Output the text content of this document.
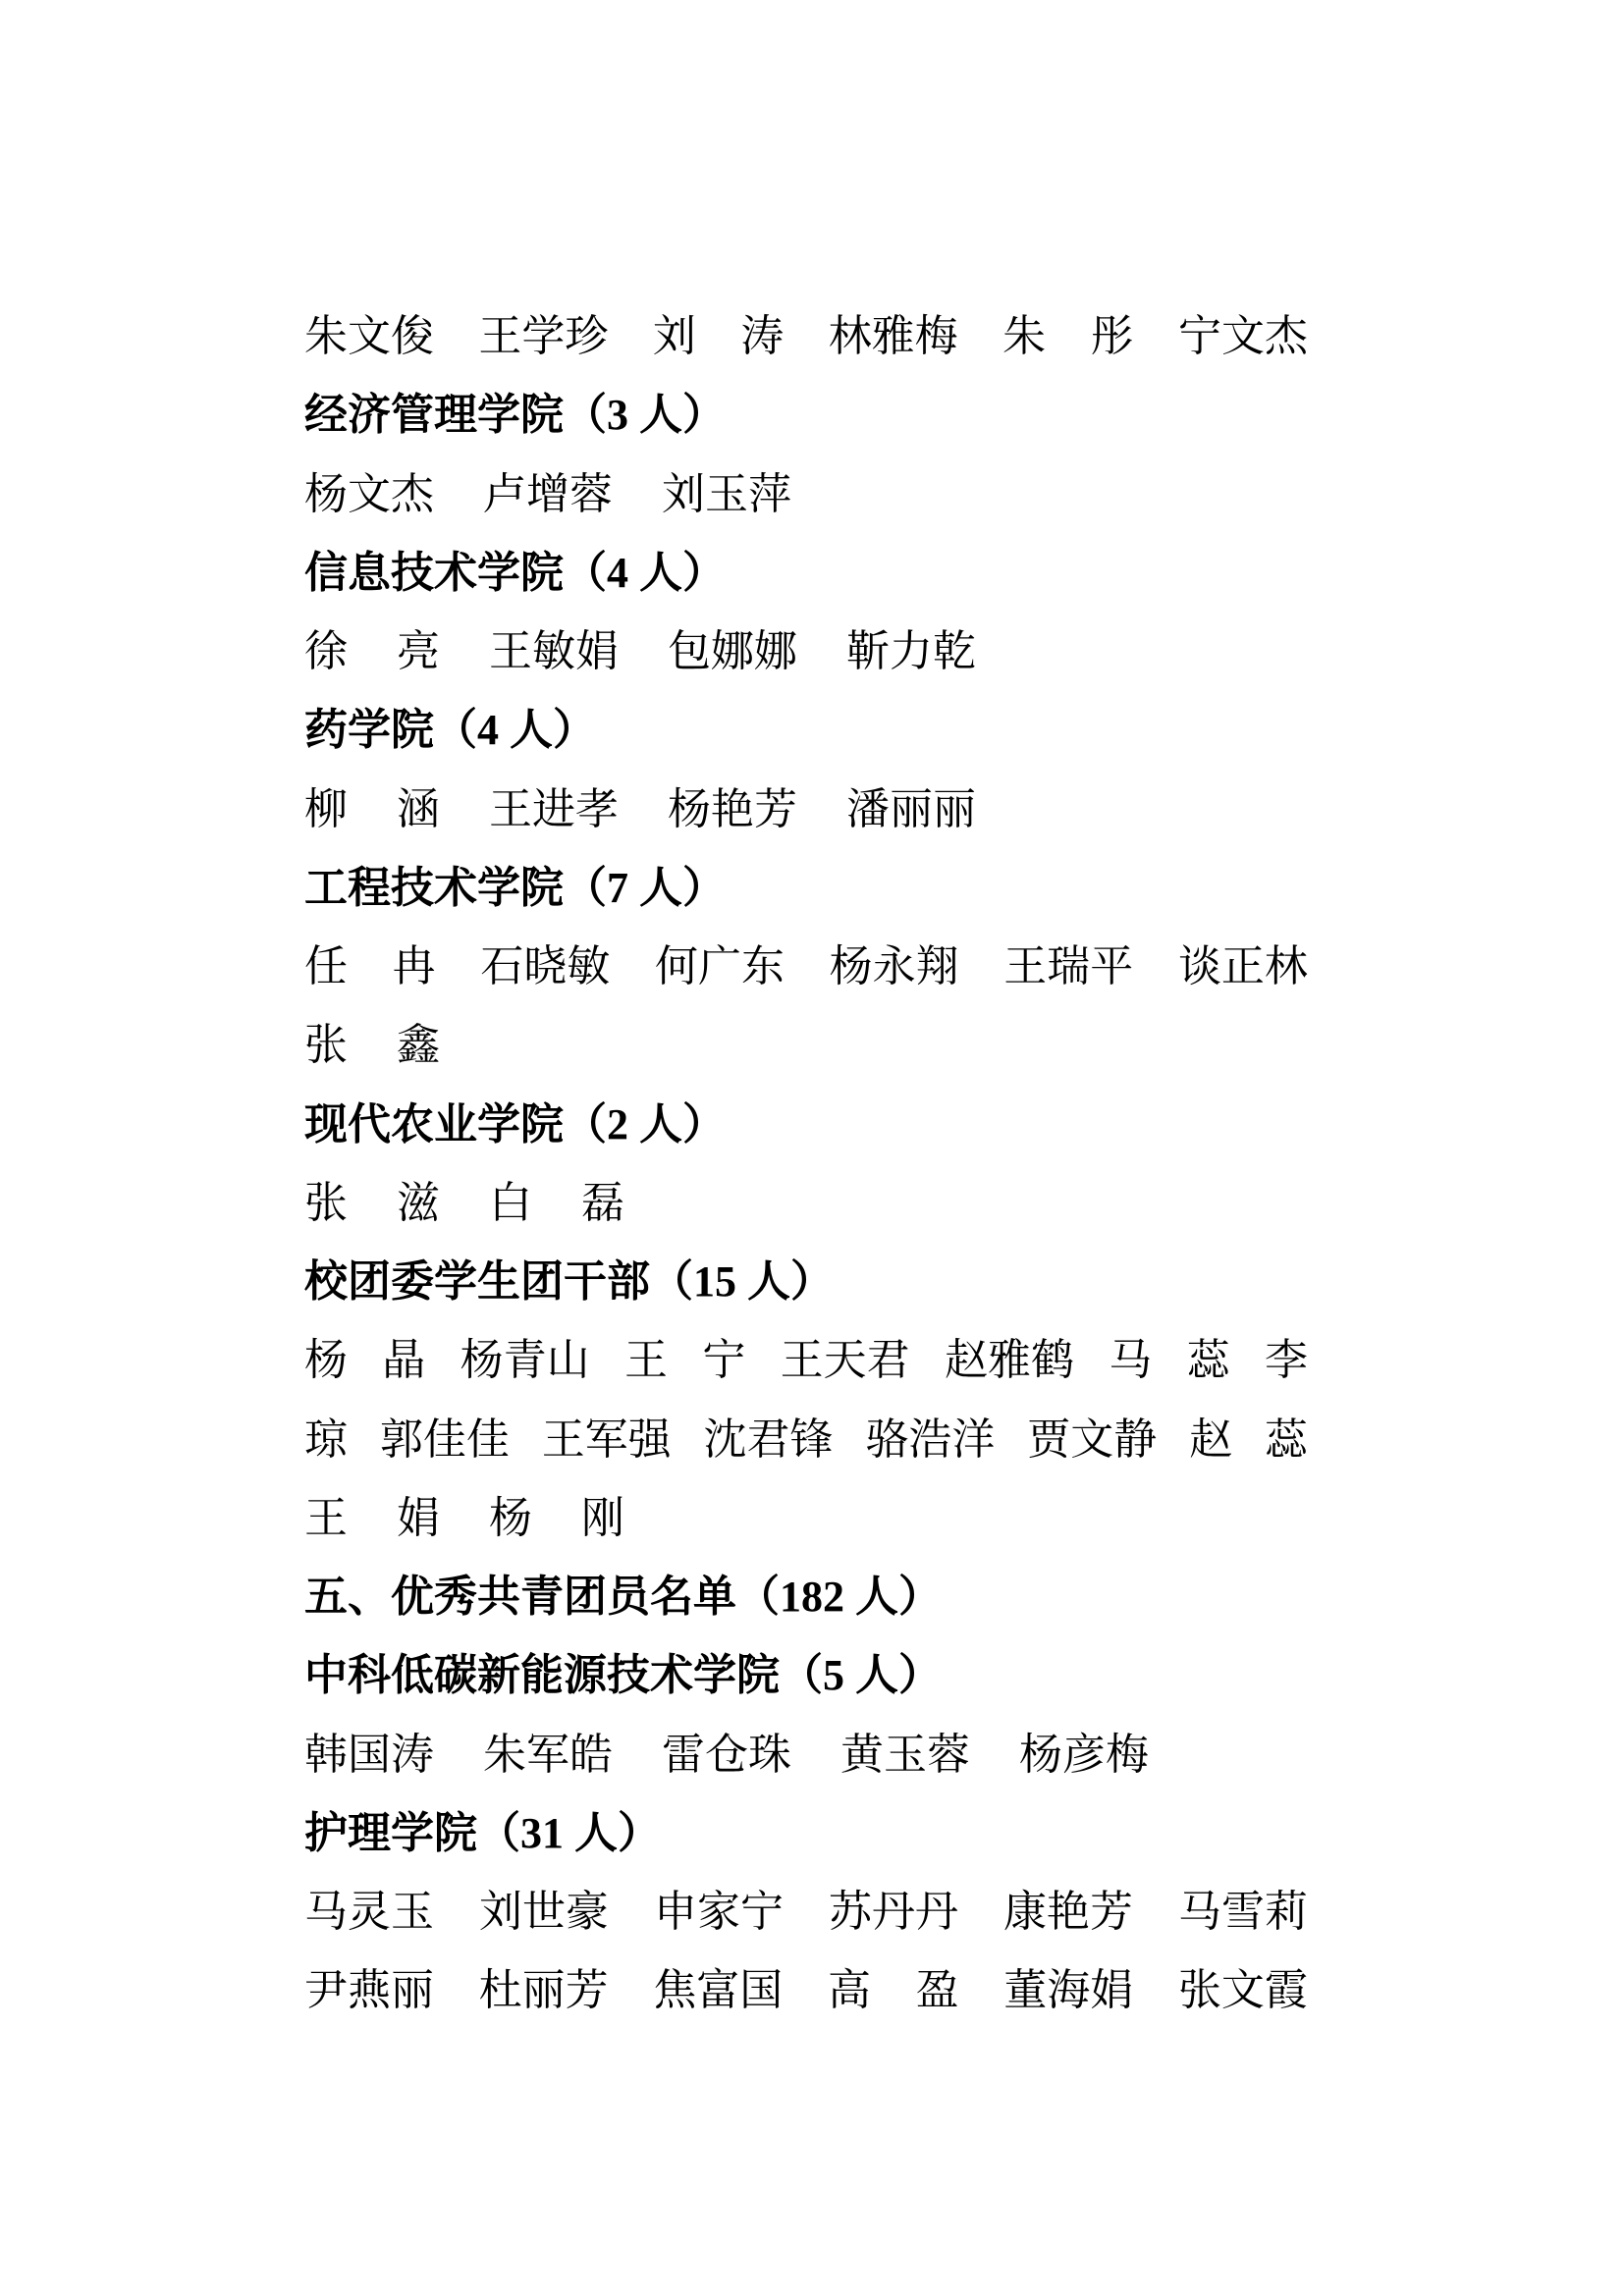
朱文俊 王学珍 刘 涛 林雅梅 朱 彤 宁文杰
经济管理学院（3 人）
杨文杰 卢增蓉 刘玉萍
信息技术学院（4 人）
徐 亮 王敏娟 包娜娜 靳力乾
药学院（4 人）
柳 涵 王进孝 杨艳芳 潘丽丽
工程技术学院（7 人）
任 冉 石晓敏 何广东 杨永翔 王瑞平 谈正林
张 鑫
现代农业学院（2 人）
张 滋 白 磊
校团委学生团干部（15 人）
杨 晶 杨青山 王 宁 王天君 赵雅鹤 马 蕊 李
琼 郭佳佳 王军强 沈君锋 骆浩洋 贾文静 赵 蕊
王 娟 杨 刚
五、优秀共青团员名单（182 人）
中科低碳新能源技术学院（5 人）
韩国涛 朱军皓 雷仓珠 黄玉蓉 杨彦梅
护理学院（31 人）
马灵玉 刘世豪 申家宁 苏丹丹 康艳芳 马雪莉
尹燕丽 杜丽芳 焦富国 高 盈 董海娟 张文霞
